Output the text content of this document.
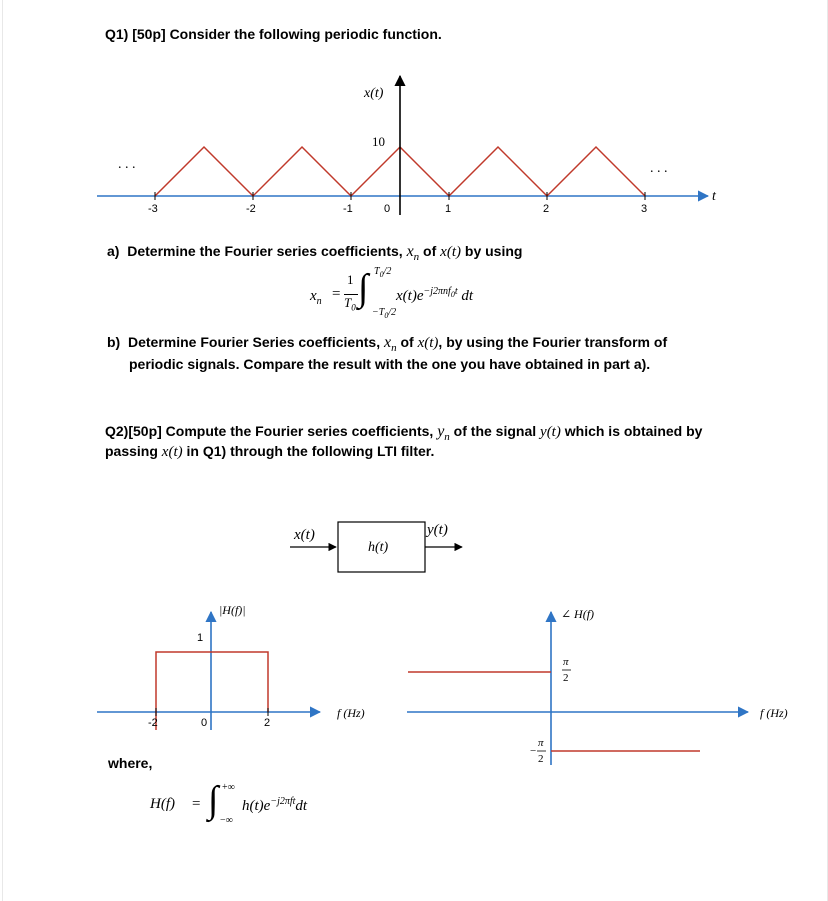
Q1) [50p] Consider the following periodic function.
x(t)
10
t
. . .	. . .
-3	-2	-1	0	1	2	3
a) Determine the Fourier series coefficients, $x_n$ of x(t) by using
$x_n$ =
1
$T_0$ ∫ $T_0/2$
$-T_0/2$
$x(t)e^{-j2\pi nf_0t}$ dt
b) Determine Fourier Series coefficients, $x_n$ of x(t), by using the Fourier transform of
periodic signals. Compare the result with the one you have obtained in part a).
Q2)[50p] Compute the Fourier series coefficients, $y_n$ of the signal y(t) which is obtained by
passing x(t) in Q1) through the following LTI filter.
x(t)
h(t)
y(t)
|H(f)|
1
-2	0	2
f (Hz)
∠ H(f)
π
2
−
π
2
f (Hz)
where,
H(f) = ∫ +∞
−∞
$h(t)e^{-j2\pi ft}dt$
